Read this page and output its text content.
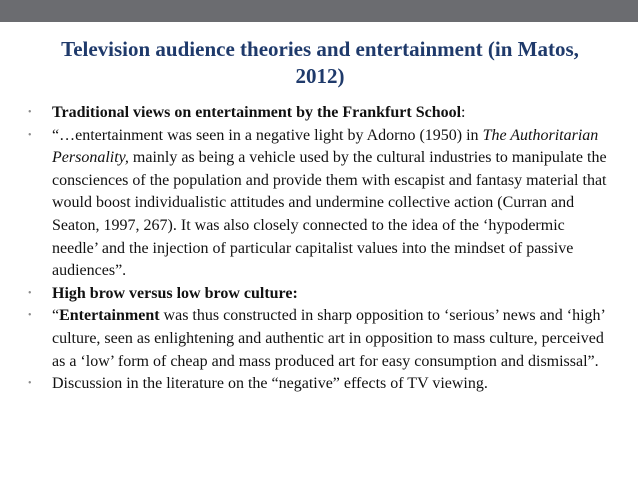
Television audience theories and entertainment (in Matos, 2012)
• Traditional views on entertainment by the Frankfurt School:
• “…entertainment was seen in a negative light by Adorno (1950) in The Authoritarian Personality, mainly as being a vehicle used by the cultural industries to manipulate the consciences of the population and provide them with escapist and fantasy material that would boost individualistic attitudes and undermine collective action (Curran and Seaton, 1997, 267). It was also closely connected to the idea of the ‘hypodermic needle’ and the injection of particular capitalist values into the mindset of passive audiences”.
• High brow versus low brow culture:
• “Entertainment was thus constructed in sharp opposition to ‘serious’ news and ‘high’ culture, seen as enlightening and authentic art in opposition to mass culture, perceived as a ‘low’ form of cheap and mass produced art for easy consumption and dismissal”.
• Discussion in the literature on the “negative” effects of TV viewing.
